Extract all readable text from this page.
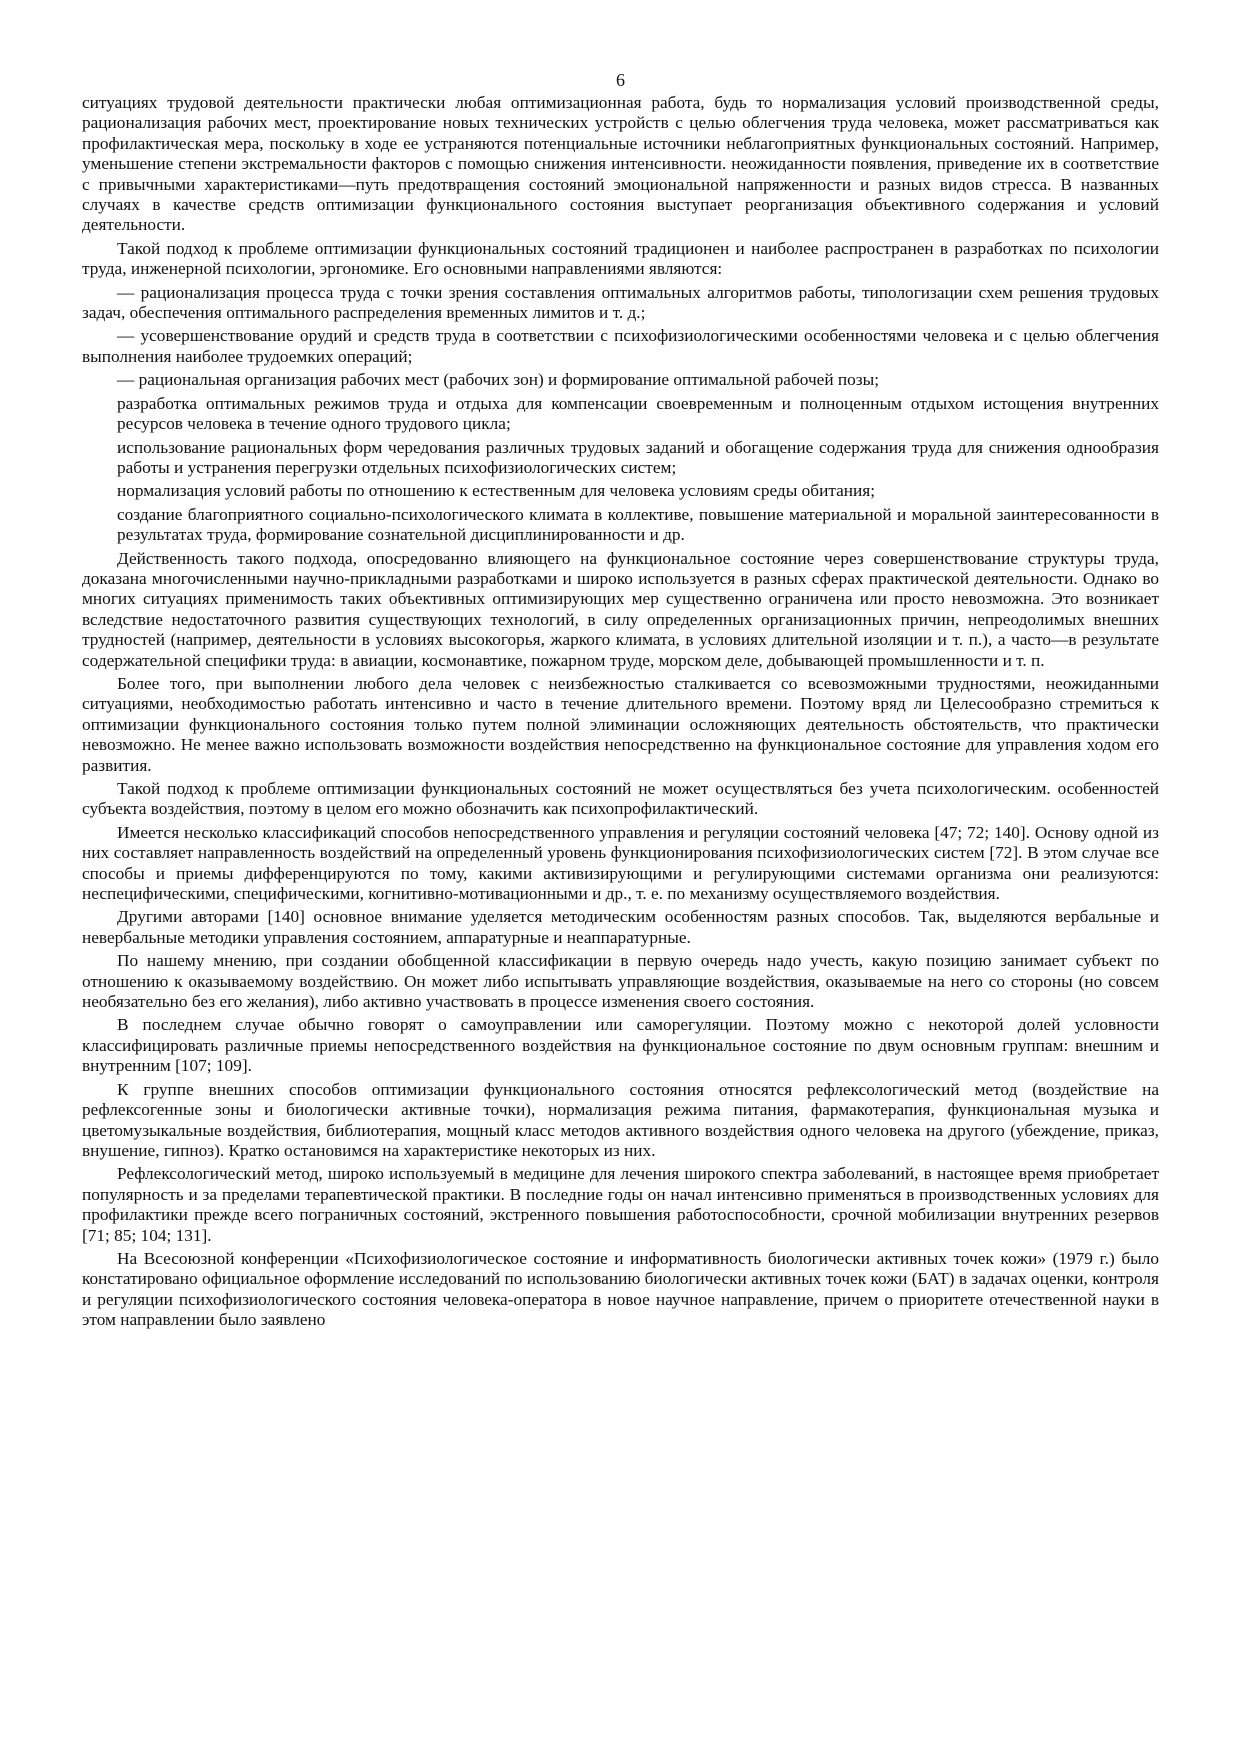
6

ситуациях трудовой деятельности практически любая оптимизационная работа, будь то нормализация условий производственной среды, рационализация рабочих мест, проектирование новых технических устройств с целью облегчения труда человека, может рассматриваться как профилактическая мера, поскольку в ходе ее устраняются потенциальные источники неблагоприятных функциональных состояний. Например, уменьшение степени экстремальности факторов с помощью снижения интенсивности. неожиданности появления, приведение их в соответствие с привычными характеристиками—путь предотвращения состояний эмоциональной напряженности и разных видов стресса. В названных случаях в качестве средств оптимизации функционального состояния выступает реорганизация объективного содержания и условий деятельности.

Такой подход к проблеме оптимизации функциональных состояний традиционен и наиболее распространен в разработках по психологии труда, инженерной психологии, эргономике. Его основными направлениями являются:

— рационализация процесса труда с точки зрения составления оптимальных алгоритмов работы, типологизации схем решения трудовых задач, обеспечения оптимального распределения временных лимитов и т. д.;

— усовершенствование орудий и средств труда в соответствии с психофизиологическими особенностями человека и с целью облегчения выполнения наиболее трудоемких операций;

— рациональная организация рабочих мест (рабочих зон) и формирование оптимальной рабочей позы;

разработка оптимальных режимов труда и отдыха для компенсации своевременным и полноценным отдыхом истощения внутренних ресурсов человека в течение одного трудового цикла;

использование рациональных форм чередования различных трудовых заданий и обогащение содержания труда для снижения однообразия работы и устранения перегрузки отдельных психофизиологических систем;

нормализация условий работы по отношению к естественным для человека условиям среды обитания;

создание благоприятного социально-психологического климата в коллективе, повышение материальной и моральной заинтересованности в результатах труда, формирование сознательной дисциплинированности и др.

Действенность такого подхода, опосредованно влияющего на функциональное состояние через совершенствование структуры труда, доказана многочисленными научно-прикладными разработками и широко используется в разных сферах практической деятельности. Однако во многих ситуациях применимость таких объективных оптимизирующих мер существенно ограничена или просто невозможна. Это возникает вследствие недостаточного развития существующих технологий, в силу определенных организационных причин, непреодолимых внешних трудностей (например, деятельности в условиях высокогорья, жаркого климата, в условиях длительной изоляции и т. п.), а часто—в результате содержательной специфики труда: в авиации, космонавтике, пожарном труде, морском деле, добывающей промышленности и т. п.

Более того, при выполнении любого дела человек с неизбежностью сталкивается со всевозможными трудностями, неожиданными ситуациями, необходимостью работать интенсивно и часто в течение длительного времени. Поэтому вряд ли Целесообразно стремиться к оптимизации функционального состояния только путем полной элиминации осложняющих деятельность обстоятельств, что практически невозможно. Не менее важно использовать возможности воздействия непосредственно на функциональное состояние для управления ходом его развития.

Такой подход к проблеме оптимизации функциональных состояний не может осуществляться без учета психологическим. особенностей субъекта воздействия, поэтому в целом его можно обозначить как психопрофилактический.

Имеется несколько классификаций способов непосредственного управления и регуляции состояний человека [47; 72; 140]. Основу одной из них составляет направленность воздействий на определенный уровень функционирования психофизиологических систем [72]. В этом случае все способы и приемы дифференцируются по тому, какими активизирующими и регулирующими системами организма они реализуются: неспецифическими, специфическими, когнитивно-мотивационными и др., т. е. по механизму осуществляемого воздействия.

Другими авторами [140] основное внимание уделяется методическим особенностям разных способов. Так, выделяются вербальные и невербальные методики управления состоянием, аппаратурные и неаппаратурные.

По нашему мнению, при создании обобщенной классификации в первую очередь надо учесть, какую позицию занимает субъект по отношению к оказываемому воздействию. Он может либо испытывать управляющие воздействия, оказываемые на него со стороны (но совсем необязательно без его желания), либо активно участвовать в процессе изменения своего состояния.

В последнем случае обычно говорят о самоуправлении или саморегуляции. Поэтому можно с некоторой долей условности классифицировать различные приемы непосредственного воздействия на функциональное состояние по двум основным группам: внешним и внутренним [107; 109].

К группе внешних способов оптимизации функционального состояния относятся рефлексологический метод (воздействие на рефлексогенные зоны и биологически активные точки), нормализация режима питания, фармакотерапия, функциональная музыка и цветомузыкальные воздействия, библиотерапия, мощный класс методов активного воздействия одного человека на другого (убеждение, приказ, внушение, гипноз). Кратко остановимся на характеристике некоторых из них.

Рефлексологический метод, широко используемый в медицине для лечения широкого спектра заболеваний, в настоящее время приобретает популярность и за пределами терапевтической практики. В последние годы он начал интенсивно применяться в производственных условиях для профилактики прежде всего пограничных состояний, экстренного повышения работоспособности, срочной мобилизации внутренних резервов [71; 85; 104; 131].

На Всесоюзной конференции «Психофизиологическое состояние и информативность биологически активных точек кожи» (1979 г.) было констатировано официальное оформление исследований по использованию биологически активных точек кожи (БАТ) в задачах оценки, контроля и регуляции психофизиологического состояния человека-оператора в новое научное направление, причем о приоритете отечественной науки в этом направлении было заявлено
